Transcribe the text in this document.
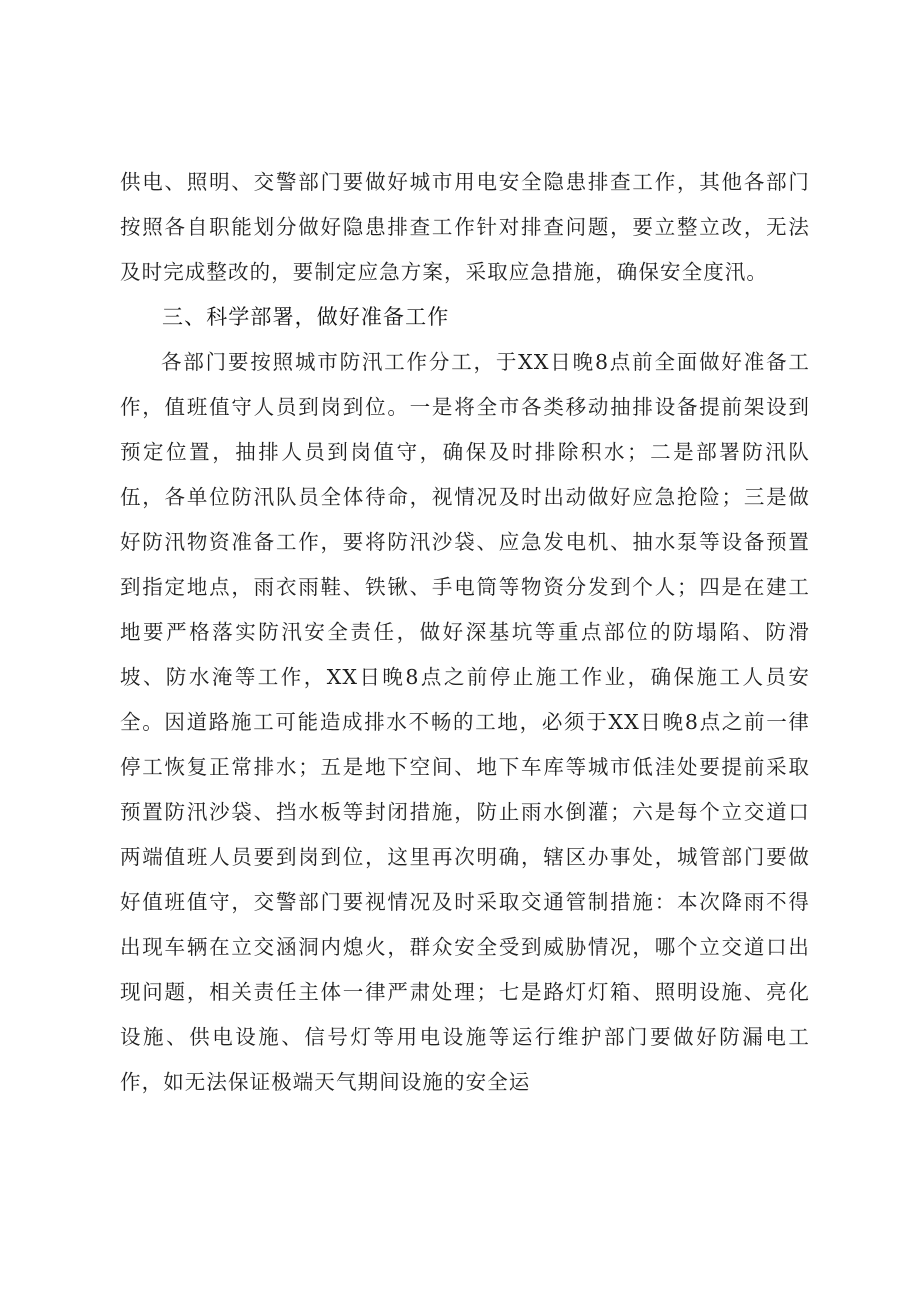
供电、照明、交警部门要做好城市用电安全隐患排查工作，其他各部门按照各自职能划分做好隐患排查工作针对排查问题，要立整立改，无法及时完成整改的，要制定应急方案，采取应急措施，确保安全度汛。

三、科学部署，做好准备工作

各部门要按照城市防汛工作分工，于XX日晚8点前全面做好准备工作，值班值守人员到岗到位。一是将全市各类移动抽排设备提前架设到预定位置，抽排人员到岗值守，确保及时排除积水；二是部署防汛队伍，各单位防汛队员全体待命，视情况及时出动做好应急抢险；三是做好防汛物资准备工作，要将防汛沙袋、应急发电机、抽水泵等设备预置到指定地点，雨衣雨鞋、铁锹、手电筒等物资分发到个人；四是在建工地要严格落实防汛安全责任，做好深基坑等重点部位的防塌陷、防滑坡、防水淹等工作，XX日晚8点之前停止施工作业，确保施工人员安全。因道路施工可能造成排水不畅的工地，必须于XX日晚8点之前一律停工恢复正常排水；五是地下空间、地下车库等城市低洼处要提前采取预置防汛沙袋、挡水板等封闭措施，防止雨水倒灌；六是每个立交道口两端值班人员要到岗到位，这里再次明确，辖区办事处，城管部门要做好值班值守，交警部门要视情况及时采取交通管制措施：本次降雨不得出现车辆在立交涵洞内熄火，群众安全受到威胁情况，哪个立交道口出现问题，相关责任主体一律严肃处理；七是路灯灯箱、照明设施、亮化设施、供电设施、信号灯等用电设施等运行维护部门要做好防漏电工作，如无法保证极端天气期间设施的安全运
